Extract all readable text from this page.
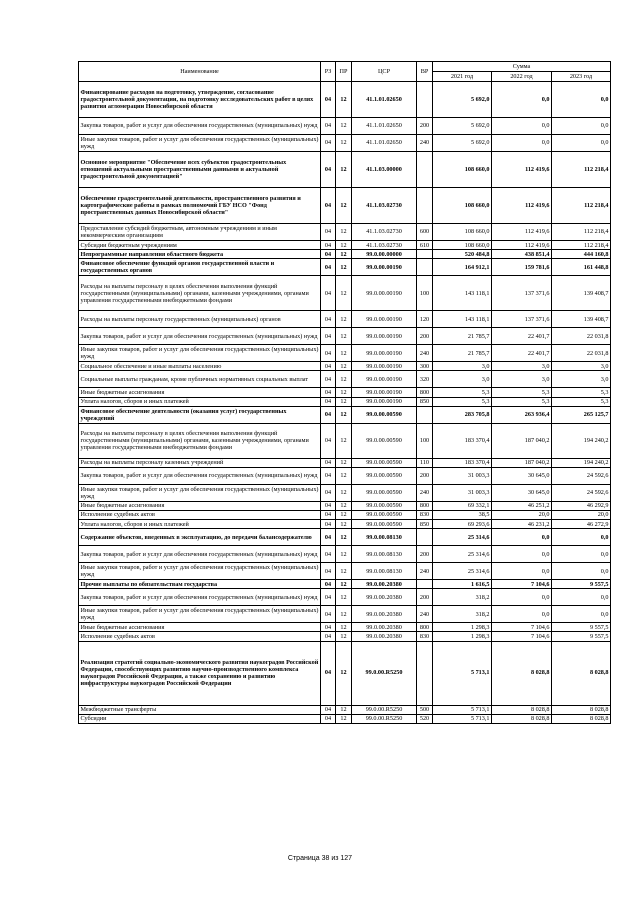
Наименование	РЗ	ПР	ЦСР	ВР	Сумма		
					2021 год	2022 год	2023 год
Финансирование расходов на подготовку, утверждение, согласование градостроительной документации, на подготовку исследовательских работ в целях развития агломерации Новосибирской области	04	12	41.1.01.02650		5 692,0	0,0	0,0
Закупка товаров, работ и услуг для обеспечения государственных (муниципальных) нужд	04	12	41.1.01.02650	200	5 692,0	0,0	0,0
Иные закупки товаров, работ и услуг для обеспечения государственных (муниципальных) нужд	04	12	41.1.01.02650	240	5 692,0	0,0	0,0
Основное мероприятие "Обеспечение всех субъектов градостроительных отношений актуальными пространственными данными и актуальной градостроительной документацией"	04	12	41.1.03.00000		108 660,0	112 419,6	112 218,4
Обеспечение градостроительной деятельности, пространственного развития и картографические работы в рамках полномочий ГБУ НСО "Фонд пространственных данных Новосибирской области"	04	12	41.1.03.02730		108 660,0	112 419,6	112 218,4
Предоставление субсидий бюджетным, автономным учреждениям и иным некоммерческим организациям	04	12	41.1.03.02730	600	108 660,0	112 419,6	112 218,4
Субсидии бюджетным учреждениям	04	12	41.1.03.02730	610	108 660,0	112 419,6	112 218,4
Непрограммные направления областного бюджета	04	12	99.0.00.00000		520 484,8	438 851,4	444 160,8
Финансовое обеспечение функций органов государственной власти и государственных органов	04	12	99.0.00.00190		164 912,1	159 781,6	161 448,8
Расходы на выплаты персоналу в целях обеспечения выполнения функций государственными (муниципальными) органами, казенными учреждениями, органами управления государственными внебюджетными фондами	04	12	99.0.00.00190	100	143 118,1	137 371,6	139 408,7
Расходы на выплаты персоналу государственных (муниципальных) органов	04	12	99.0.00.00190	120	143 118,1	137 371,6	139 408,7
Закупка товаров, работ и услуг для обеспечения государственных (муниципальных) нужд	04	12	99.0.00.00190	200	21 785,7	22 401,7	22 031,8
Иные закупки товаров, работ и услуг для обеспечения государственных (муниципальных) нужд	04	12	99.0.00.00190	240	21 785,7	22 401,7	22 031,8
Социальное обеспечение и иные выплаты населению	04	12	99.0.00.00190	300	3,0	3,0	3,0
Социальные выплаты гражданам, кроме публичных нормативных социальных выплат	04	12	99.0.00.00190	320	3,0	3,0	3,0
Иные бюджетные ассигнования	04	12	99.0.00.00190	800	5,3	5,3	5,3
Уплата налогов, сборов и иных платежей	04	12	99.0.00.00190	850	5,3	5,3	5,3
Финансовое обеспечение деятельности (оказания услуг) государственных учреждений	04	12	99.0.00.00590		283 705,8	263 936,4	265 125,7
Расходы на выплаты персоналу в целях обеспечения выполнения функций государственными (муниципальными) органами, казенными учреждениями, органами управления государственными внебюджетными фондами	04	12	99.0.00.00590	100	183 370,4	187 040,2	194 240,2
Расходы на выплаты персоналу казенных учреждений	04	12	99.0.00.00590	110	183 370,4	187 040,2	194 240,2
Закупка товаров, работ и услуг для обеспечения государственных (муниципальных) нужд	04	12	99.0.00.00590	200	31 003,3	30 645,0	24 592,6
Иные закупки товаров, работ и услуг для обеспечения государственных (муниципальных) нужд	04	12	99.0.00.00590	240	31 003,3	30 645,0	24 592,6
Иные бюджетные ассигнования	04	12	99.0.00.00590	800	69 332,1	46 251,2	46 292,9
Исполнение судебных актов	04	12	99.0.00.00590	830	38,5	20,0	20,0
Уплата налогов, сборов и иных платежей	04	12	99.0.00.00590	850	69 293,6	46 231,2	46 272,9
Содержание объектов, введенных в эксплуатацию, до передачи балансодержателю	04	12	99.0.00.08130		25 314,6	0,0	0,0
Закупка товаров, работ и услуг для обеспечения государственных (муниципальных) нужд	04	12	99.0.00.08130	200	25 314,6	0,0	0,0
Иные закупки товаров, работ и услуг для обеспечения государственных (муниципальных) нужд	04	12	99.0.00.08130	240	25 314,6	0,0	0,0
Прочие выплаты по обязательствам государства	04	12	99.0.00.20380		1 616,5	7 104,6	9 557,5
Закупка товаров, работ и услуг для обеспечения государственных (муниципальных) нужд	04	12	99.0.00.20380	200	318,2	0,0	0,0
Иные закупки товаров, работ и услуг для обеспечения государственных (муниципальных) нужд	04	12	99.0.00.20380	240	318,2	0,0	0,0
Иные бюджетные ассигнования	04	12	99.0.00.20380	800	1 298,3	7 104,6	9 557,5
Исполнение судебных актов	04	12	99.0.00.20380	830	1 298,3	7 104,6	9 557,5
Реализация стратегий социально-экономического развития наукоградов Российской Федерации, способствующих развитию научно-производственного комплекса наукоградов Российской Федерации, а также сохранению и развитию инфраструктуры наукоградов Российской Федерации	04	12	99.0.00.R5250		5 713,1	8 028,8	8 028,8
Межбюджетные трансферты	04	12	99.0.00.R5250	500	5 713,1	8 028,8	8 028,8
Субсидии	04	12	99.0.00.R5250	520	5 713,1	8 028,8	8 028,8
Страница 38 из 127
